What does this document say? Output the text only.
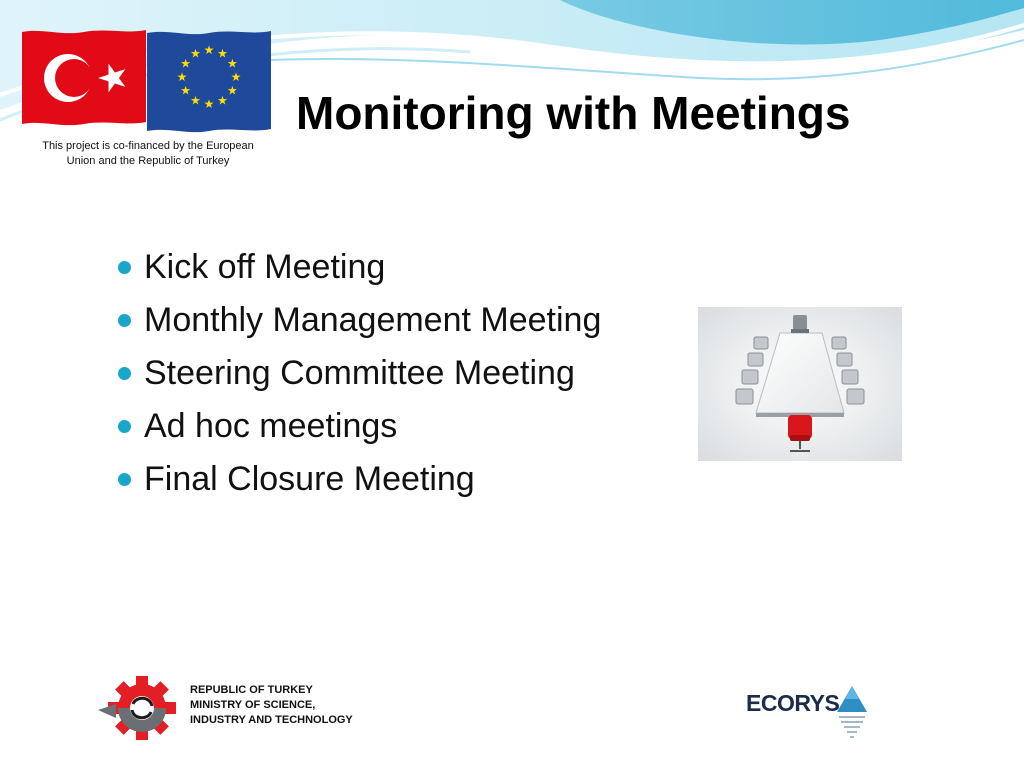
★ ★
★
★
★
★
★
★
★
★
★
★
This project is co-financed by the European
Union and the Republic of Turkey
Monitoring with Meetings
Kick off Meeting
Monthly Management Meeting
Steering Committee Meeting
Ad hoc meetings
Final Closure Meeting
REPUBLIC OF TURKEY
MINISTRY OF SCIENCE,
INDUSTRY AND TECHNOLOGY
ECORYS
